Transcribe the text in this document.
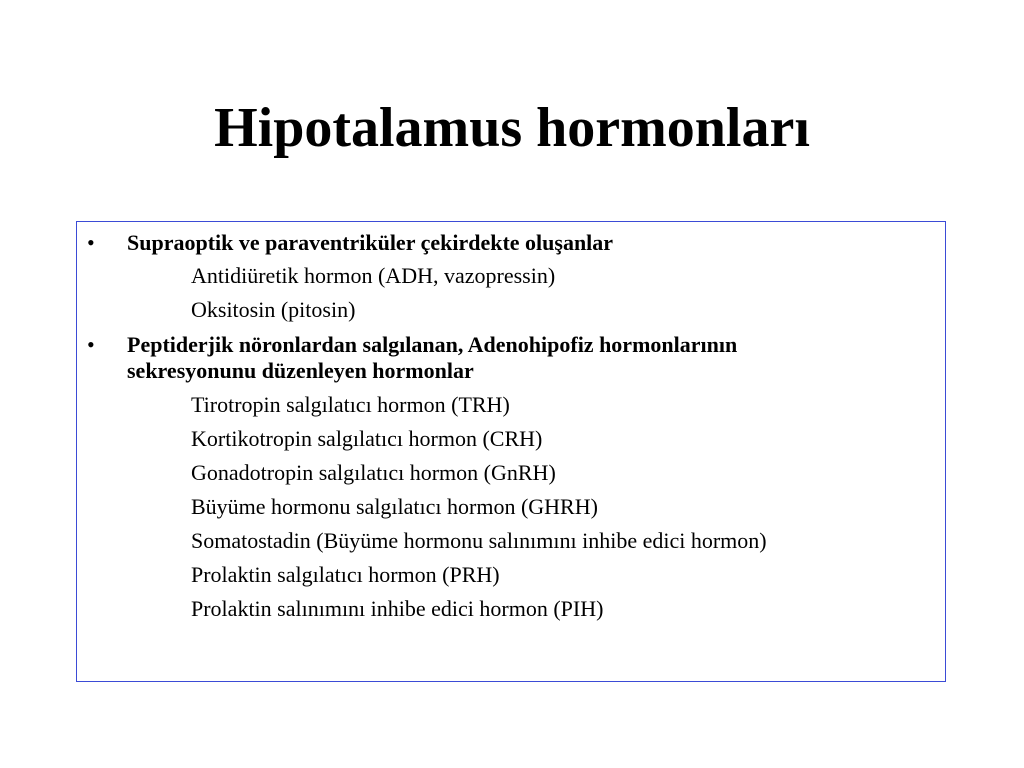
Hipotalamus hormonları
•	Supraoptik ve paraventriküler çekirdekte oluşanlar
Antidiüretik hormon (ADH, vazopressin)
Oksitosin (pitosin)
•	Peptiderjik nöronlardan salgılanan, Adenohipofiz hormonlarının
sekresyonunu düzenleyen hormonlar
Tirotropin salgılatıcı hormon (TRH)
Kortikotropin salgılatıcı hormon (CRH)
Gonadotropin salgılatıcı hormon (GnRH)
Büyüme hormonu salgılatıcı hormon (GHRH)
Somatostadin (Büyüme hormonu salınımını inhibe edici hormon)
Prolaktin salgılatıcı hormon (PRH)
Prolaktin salınımını inhibe edici hormon (PIH)
